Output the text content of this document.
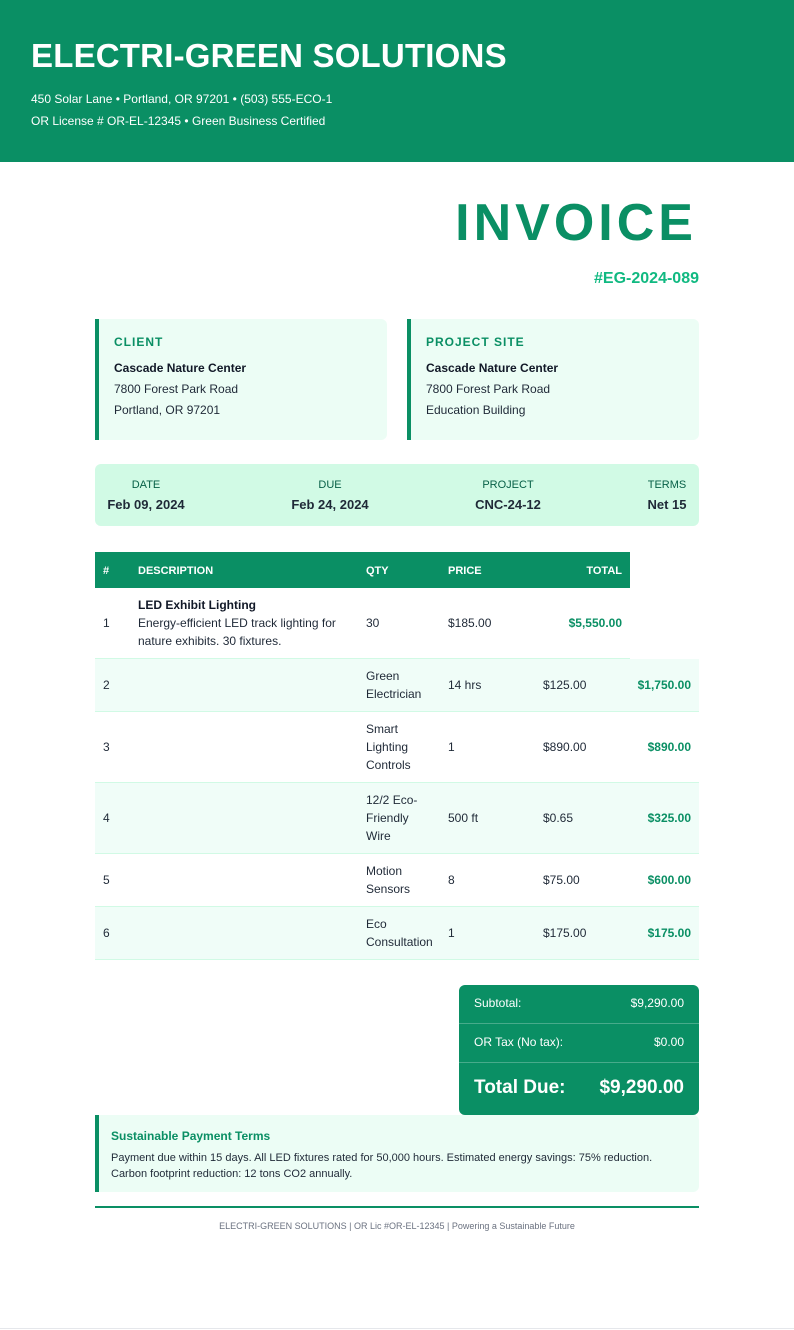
ELECTRI-GREEN SOLUTIONS
450 Solar Lane • Portland, OR 97201 • (503) 555-ECO-1
OR License # OR-EL-12345 • Green Business Certified
INVOICE
#EG-2024-089
CLIENT
Cascade Nature Center
7800 Forest Park Road
Portland, OR 97201
PROJECT SITE
Cascade Nature Center
7800 Forest Park Road
Education Building
DATE
Feb 09, 2024
DUE
Feb 24, 2024
PROJECT
CNC-24-12
TERMS
Net 15
#	DESCRIPTION	QTY	PRICE	TOTAL
1
LED Exhibit Lighting
Energy-efficient LED track lighting for nature exhibits. 30 fixtures.
30	$185.00	$5,550.00
2
Green Electrician
14 hrs	$125.00	$1,750.00
3
Smart Lighting Controls
1	$890.00	$890.00
4
12/2 Eco-Friendly Wire
500 ft	$0.65	$325.00
5
Motion Sensors
8	$75.00	$600.00
6
Eco Consultation
1	$175.00	$175.00
Subtotal:	$9,290.00
OR Tax (No tax):	$0.00
Total Due: $9,290.00
Sustainable Payment Terms
Payment due within 15 days. All LED fixtures rated for 50,000 hours. Estimated energy savings: 75% reduction. Carbon footprint reduction: 12 tons CO2 annually.
ELECTRI-GREEN SOLUTIONS | OR Lic #OR-EL-12345 | Powering a Sustainable Future
